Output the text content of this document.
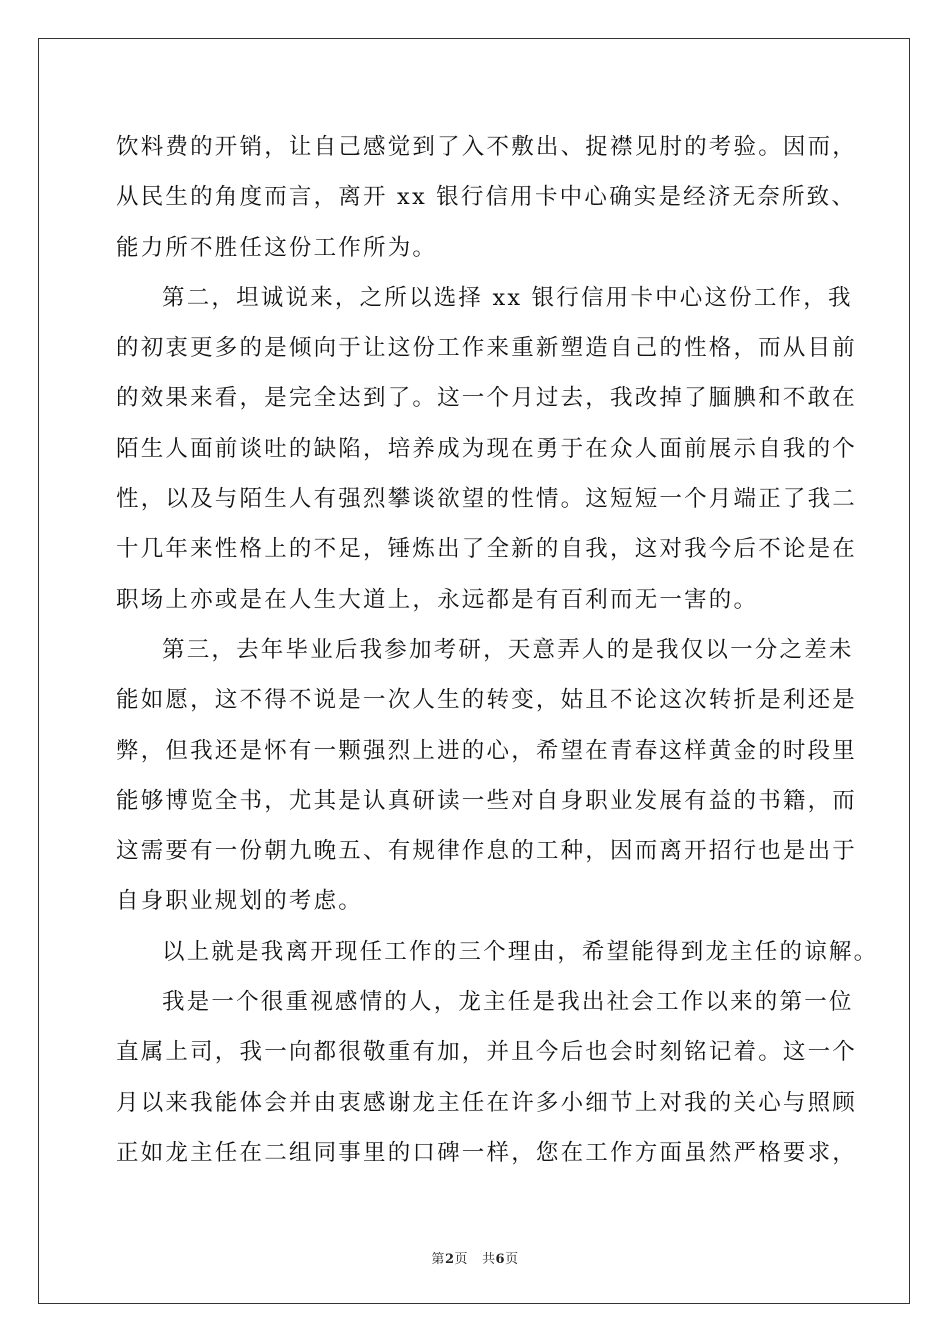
饮料费的开销，让自己感觉到了入不敷出、捉襟见肘的考验。因而，
从民生的角度而言，离开 xx 银行信用卡中心确实是经济无奈所致、
能力所不胜任这份工作所为。
第二，坦诚说来，之所以选择 xx 银行信用卡中心这份工作，我
的初衷更多的是倾向于让这份工作来重新塑造自己的性格，而从目前
的效果来看，是完全达到了。这一个月过去，我改掉了腼腆和不敢在
陌生人面前谈吐的缺陷，培养成为现在勇于在众人面前展示自我的个
性，以及与陌生人有强烈攀谈欲望的性情。这短短一个月端正了我二
十几年来性格上的不足，锤炼出了全新的自我，这对我今后不论是在
职场上亦或是在人生大道上，永远都是有百利而无一害的。
第三，去年毕业后我参加考研，天意弄人的是我仅以一分之差未
能如愿，这不得不说是一次人生的转变，姑且不论这次转折是利还是
弊，但我还是怀有一颗强烈上进的心，希望在青春这样黄金的时段里
能够博览全书，尤其是认真研读一些对自身职业发展有益的书籍，而
这需要有一份朝九晚五、有规律作息的工种，因而离开招行也是出于
自身职业规划的考虑。
以上就是我离开现任工作的三个理由，希望能得到龙主任的谅解。
我是一个很重视感情的人，龙主任是我出社会工作以来的第一位
直属上司，我一向都很敬重有加，并且今后也会时刻铭记着。这一个
月以来我能体会并由衷感谢龙主任在许多小细节上对我的关心与照顾
正如龙主任在二组同事里的口碑一样，您在工作方面虽然严格要求，
第2页 共6页
